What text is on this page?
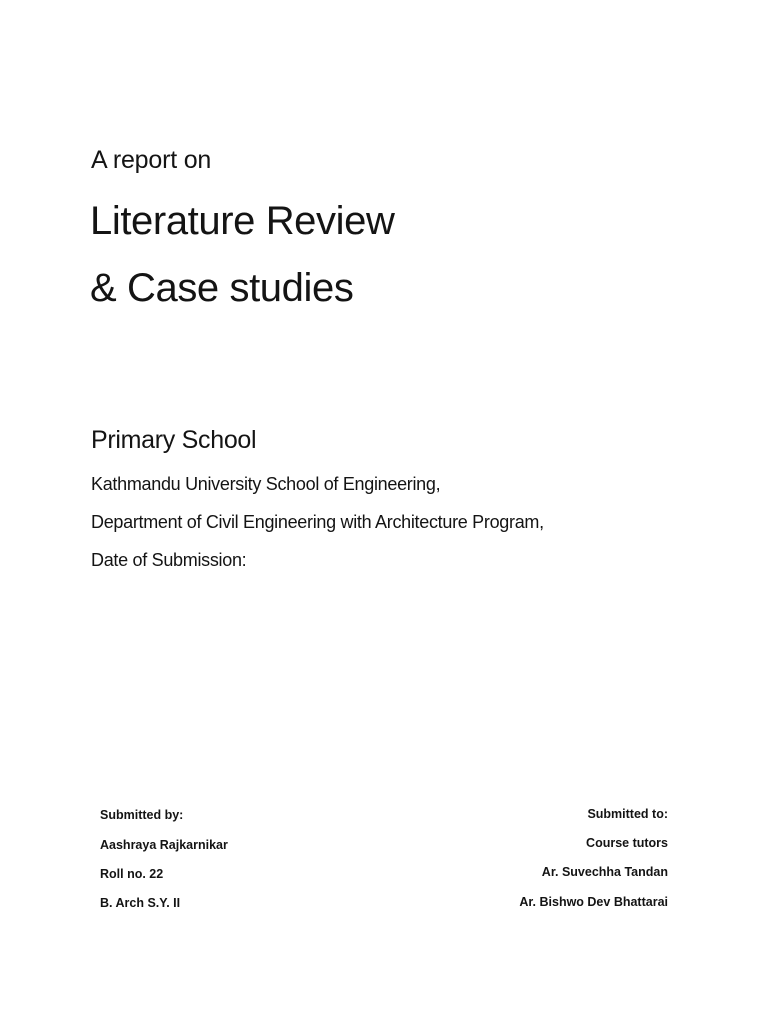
A report on

Literature Review
& Case studies
Primary School

Kathmandu University School of Engineering,

Department of Civil Engineering with Architecture Program,

Date of Submission:

Submitted by:

Aashraya Rajkarnikar

Roll no. 22

B. Arch S.Y. II

Submitted to:

Course tutors

Ar. Suvechha Tandan

Ar. Bishwo Dev Bhattarai
